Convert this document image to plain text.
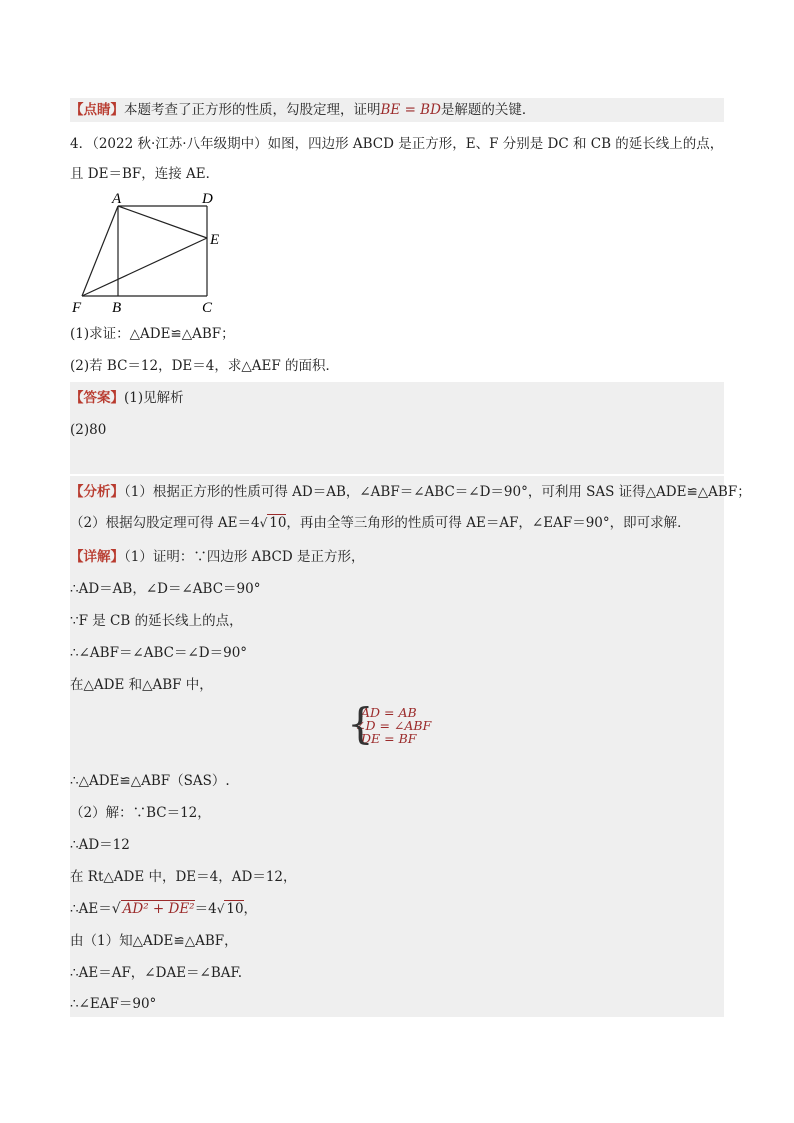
【点睛】本题考查了正方形的性质，勾股定理，证明BE = BD是解题的关键．
4．（2022 秋·江苏·八年级期中）如图，四边形 ABCD 是正方形，E、F 分别是 DC 和 CB 的延长线上的点，
且 DE＝BF，连接 AE．
A	D
E
F B	C
(1)求证：△ADE≌△ABF；
(2)若 BC＝12，DE＝4，求△AEF 的面积．
【答案】(1)见解析
(2)80
【分析】（1）根据正方形的性质可得 AD＝AB，∠ABF＝∠ABC＝∠D＝90°，可利用 SAS 证得△ADE≌△ABF；
（2）根据勾股定理可得 AE＝4√ 10，再由全等三角形的性质可得 AE＝AF，∠EAF＝90°，即可求解．
【详解】（1）证明：∵四边形 ABCD 是正方形，
∴AD＝AB，∠D＝∠ABC＝90°
∵F 是 CB 的延长线上的点，
∴∠ABF＝∠ABC＝∠D＝90°
在△ADE 和△ABF 中，
{
AD = AB
∠D = ∠ABF
DE = BF
∴△ADE≌△ABF（SAS）.
（2）解：∵BC＝12，
∴AD＝12
在 Rt△ADE 中，DE＝4，AD＝12，
∴AE＝√ AD² + DE²＝4√ 10，
由（1）知△ADE≌△ABF，
∴AE＝AF，∠DAE＝∠BAF.
∴∠EAF＝90°
